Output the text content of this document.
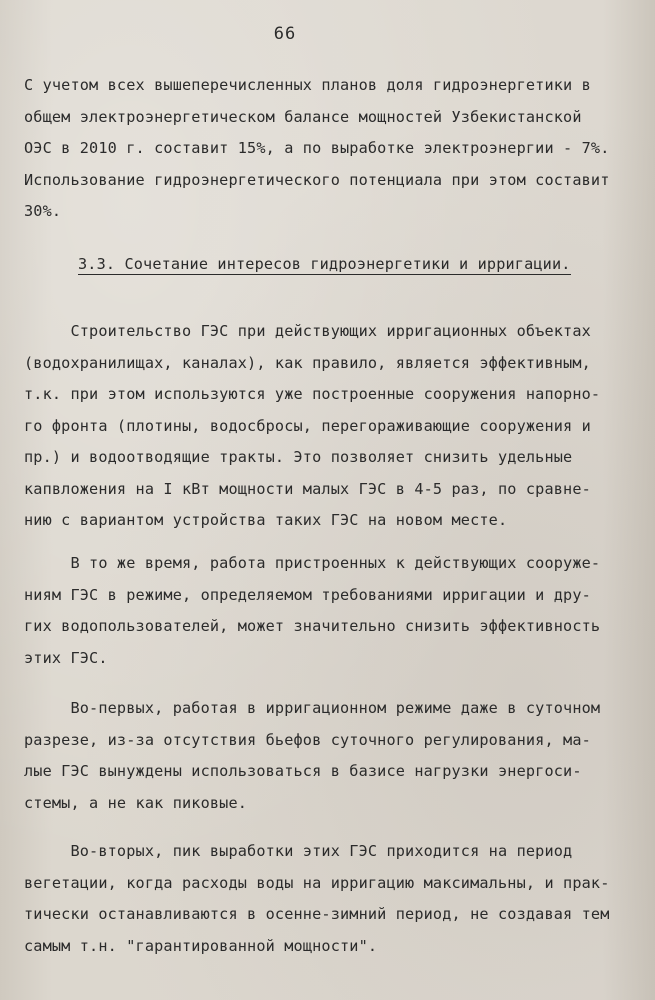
66
С учетом всех вышеперечисленных планов доля гидроэнергетики в
общем электроэнергетическом балансе мощностей Узбекистанской
ОЭС в 2010 г. составит 15%, а по выработке электроэнергии - 7%.
Использование гидроэнергетического потенциала при этом составит
30%.
3.3. Сочетание интересов гидроэнергетики и ирригации.
Строительство ГЭС при действующих ирригационных объектах
(водохранилищах, каналах), как правило, является эффективным,
т.к. при этом используются уже построенные сооружения напорно-
го фронта (плотины, водосбросы, перегораживающие сооружения и
пр.) и водоотводящие тракты. Это позволяет снизить удельные
капвложения на I кВт мощности малых ГЭС в 4-5 раз, по сравне-
нию с вариантом устройства таких ГЭС на новом месте.
В то же время, работа пристроенных к действующих сооруже-
ниям ГЭС в режиме, определяемом требованиями ирригации и дру-
гих водопользователей, может значительно снизить эффективность
этих ГЭС.
Во-первых, работая в ирригационном режиме даже в суточном
разрезе, из-за отсутствия бьефов суточного регулирования, ма-
лые ГЭС вынуждены использоваться в базисе нагрузки энергоси-
стемы, а не как пиковые.
Во-вторых, пик выработки этих ГЭС приходится на период
вегетации, когда расходы воды на ирригацию максимальны, и прак-
тически останавливаются в осенне-зимний период, не создавая тем
самым т.н. "гарантированной мощности".
